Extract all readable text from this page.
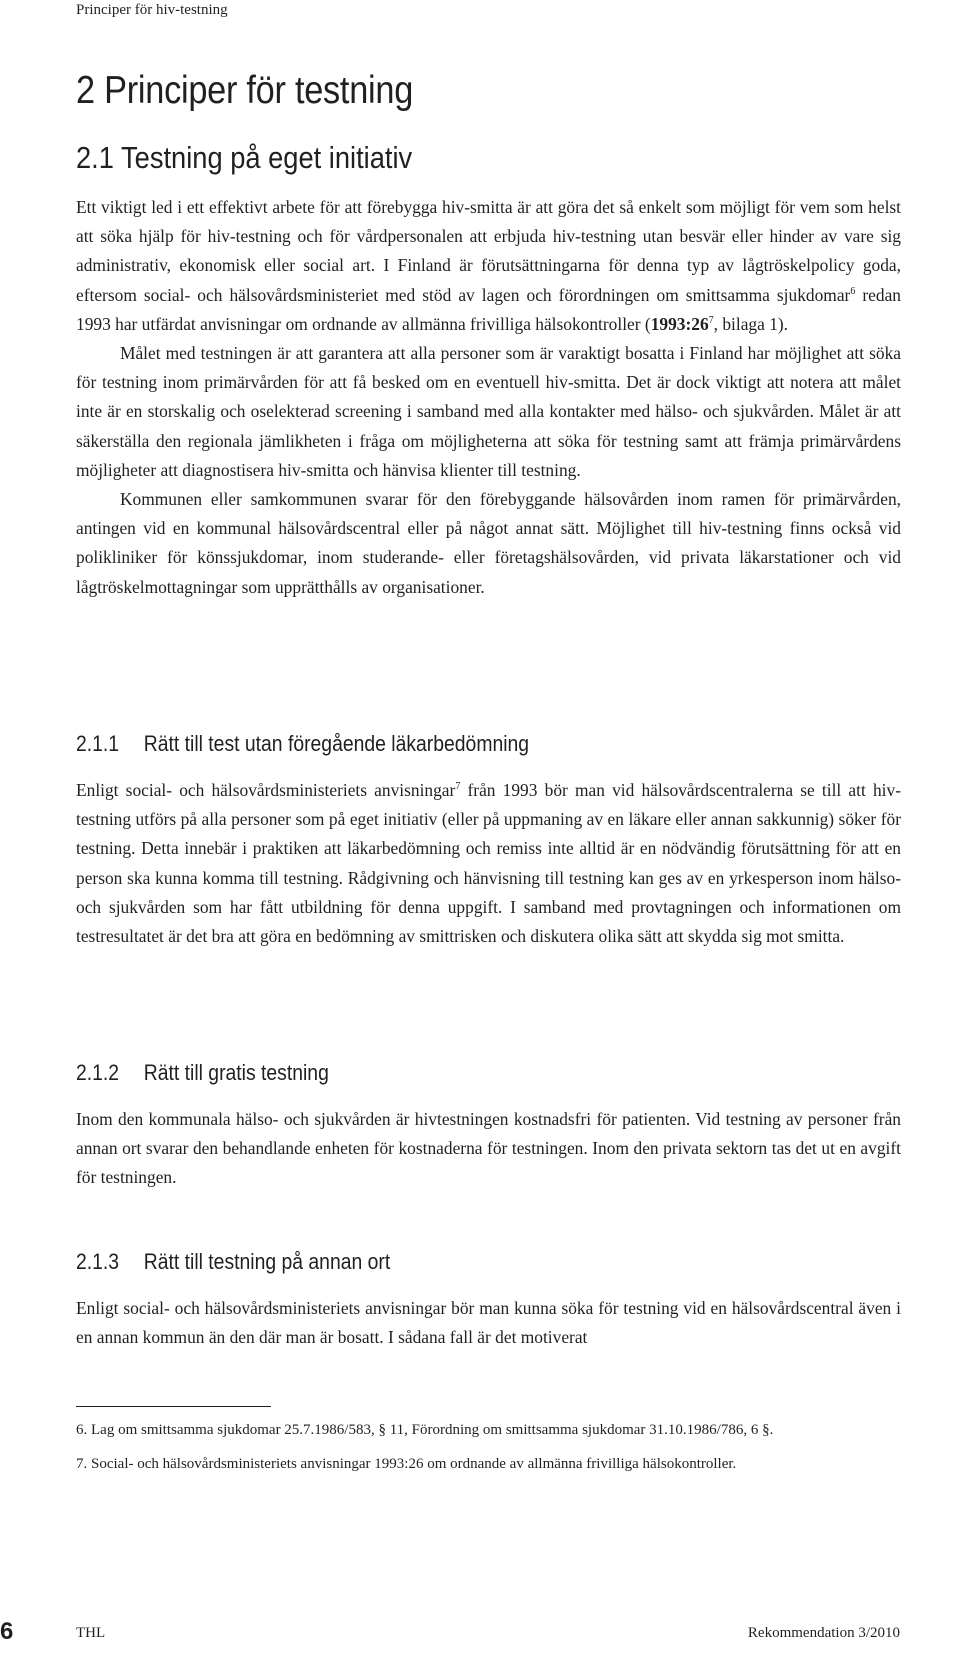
Principer för hiv-testning
2 Principer för testning
2.1 Testning på eget initiativ

Ett viktigt led i ett effektivt arbete för att förebygga hiv-smitta är att göra det så enkelt som möjligt för vem som helst att söka hjälp för hiv-testning och för vårdpersonalen att erbjuda hiv-testning utan besvär eller hinder av vare sig administrativ, ekonomisk eller social art. I Finland är förutsättningarna för denna typ av lågtröskelpolicy goda, eftersom social- och hälsovårdsministeriet med stöd av lagen och förordningen om smittsamma sjukdomar$^6$ redan 1993 har utfärdat anvisningar om ordnande av allmänna frivilliga hälsokontroller ($1993:26^7$, bilaga 1).

Målet med testningen är att garantera att alla personer som är varaktigt bosatta i Finland har möjlighet att söka för testning inom primärvården för att få besked om en eventuell hiv-smitta. Det är dock viktigt att notera att målet inte är en storskalig och oselekterad screening i samband med alla kontakter med hälso- och sjukvården. Målet är att säkerställa den regionala jämlikheten i fråga om möjligheterna att söka för testning samt att främja primärvårdens möjligheter att diagnostisera hiv-smitta och hänvisa klienter till testning.

Kommunen eller samkommunen svarar för den förebyggande hälsovården inom ramen för primärvården, antingen vid en kommunal hälsovårdscentral eller på något annat sätt. Möjlighet till hiv-testning finns också vid polikliniker för könssjukdomar, inom studerande- eller företagshälsovården, vid privata läkarstationer och vid lågtröskelmottagningar som upprätthålls av organisationer.

2.1.1 Rätt till test utan föregående läkarbedömning

Enligt social- och hälsovårdsministeriets anvisningar$^7$ från 1993 bör man vid hälsovårdscentralerna se till att hiv-testning utförs på alla personer som på eget initiativ (eller på uppmaning av en läkare eller annan sakkunnig) söker för testning. Detta innebär i praktiken att läkarbedömning och remiss inte alltid är en nödvändig förutsättning för att en person ska kunna komma till testning. Rådgivning och hänvisning till testning kan ges av en yrkesperson inom hälso- och sjukvården som har fått utbildning för denna uppgift. I samband med provtagningen och informationen om testresultatet är det bra att göra en bedömning av smittrisken och diskutera olika sätt att skydda sig mot smitta.

2.1.2 Rätt till gratis testning

Inom den kommunala hälso- och sjukvården är hivtestningen kostnadsfri för patienten. Vid testning av personer från annan ort svarar den behandlande enheten för kostnaderna för testningen. Inom den privata sektorn tas det ut en avgift för testningen.

2.1.3 Rätt till testning på annan ort

Enligt social- och hälsovårdsministeriets anvisningar bör man kunna söka för testning vid en hälsovårdscentral även i en annan kommun än den där man är bosatt. I sådana fall är det motiverat

6. Lag om smittsamma sjukdomar 25.7.1986/583, § 11, Förordning om smittsamma sjukdomar 31.10.1986/786, 6 §.
7. Social- och hälsovårdsministeriets anvisningar 1993:26 om ordnande av allmänna frivilliga hälsokontroller.
6	THL	Rekommendation 3/2010
